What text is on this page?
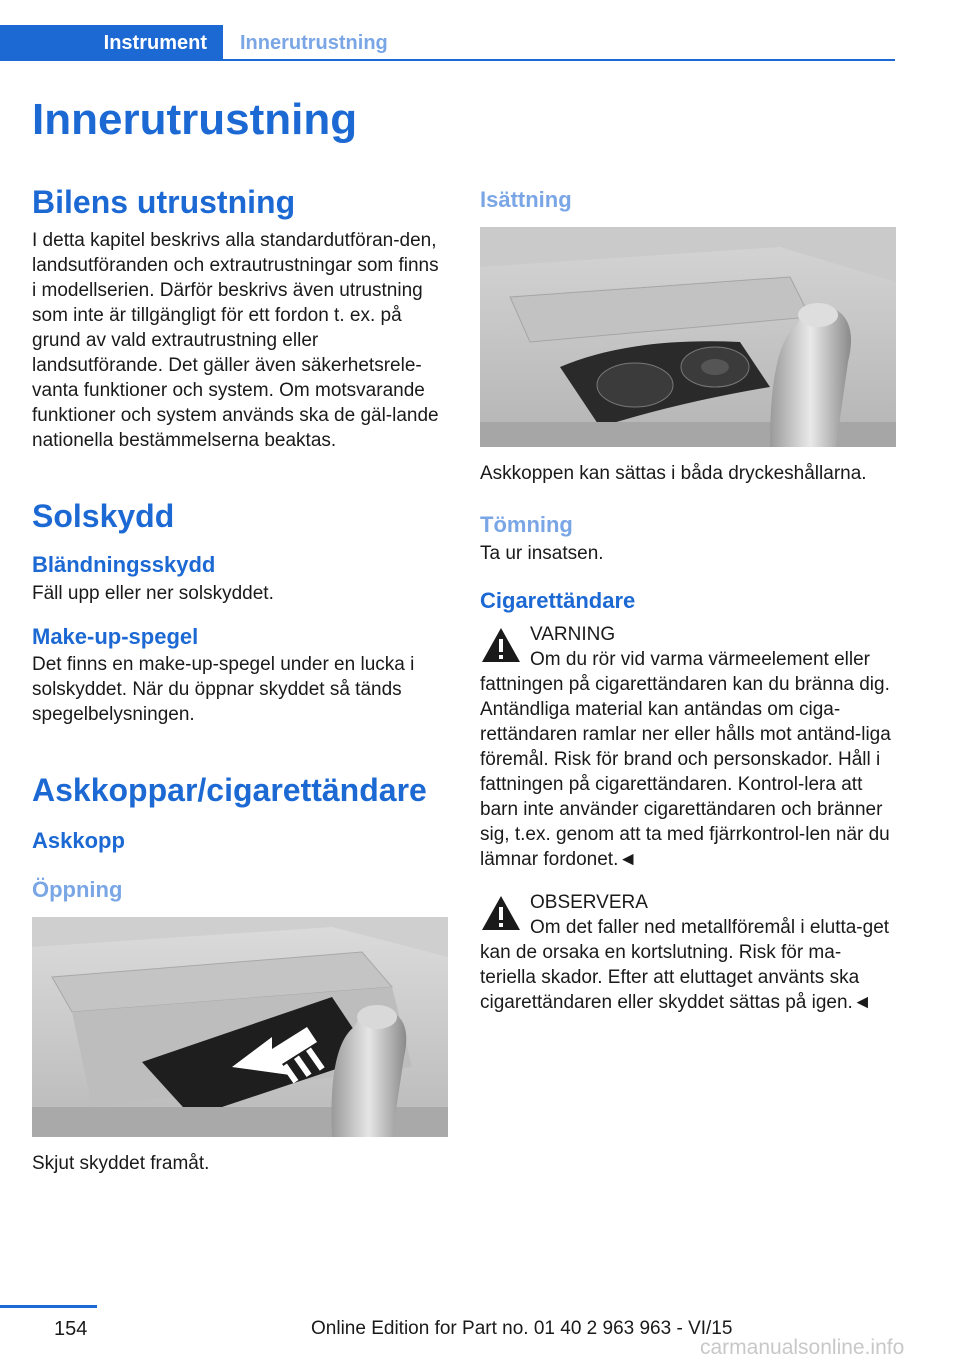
Instrument Innerutrustning
Innerutrustning
Bilens utrustning

I detta kapitel beskrivs alla standardutföran-den, landsutföranden och extrautrustningar som finns i modellserien. Därför beskrivs även utrustning som inte är tillgängligt för ett fordon t. ex. på grund av vald extrautrustning eller landsutförande. Det gäller även säkerhetsrele-vanta funktioner och system. Om motsvarande funktioner och system används ska de gäl-lande nationella bestämmelserna beaktas.

Solskydd
Bländningsskydd

Fäll upp eller ner solskyddet.

Make-up-spegel

Det finns en make-up-spegel under en lucka i solskyddet. När du öppnar skyddet så tänds spegelbelysningen.

Askkoppar/cigarettändare
Askkopp
Öppning

Skjut skyddet framåt.

Isättning

Askkoppen kan sättas i båda dryckeshållarna.

Tömning

Ta ur insatsen.

Cigarettändare
VARNING
Om du rör vid varma värmeelement eller fattningen på cigarettändaren kan du bränna dig. Antändliga material kan antändas om ciga-rettändaren ramlar ner eller hålls mot antänd-liga föremål. Risk för brand och personskador. Håll i fattningen på cigarettändaren. Kontrol-lera att barn inte använder cigarettändaren och bränner sig, t.ex. genom att ta med fjärrkontrol-len när du lämnar fordonet.◄
OBSERVERA
Om det faller ned metallföremål i elutta-get kan de orsaka en kortslutning. Risk för ma-teriella skador. Efter att eluttaget använts ska cigarettändaren eller skyddet sättas på igen.◄
154	Online Edition for Part no. 01 40 2 963 963 - VI/15
carmanualsonline.info
